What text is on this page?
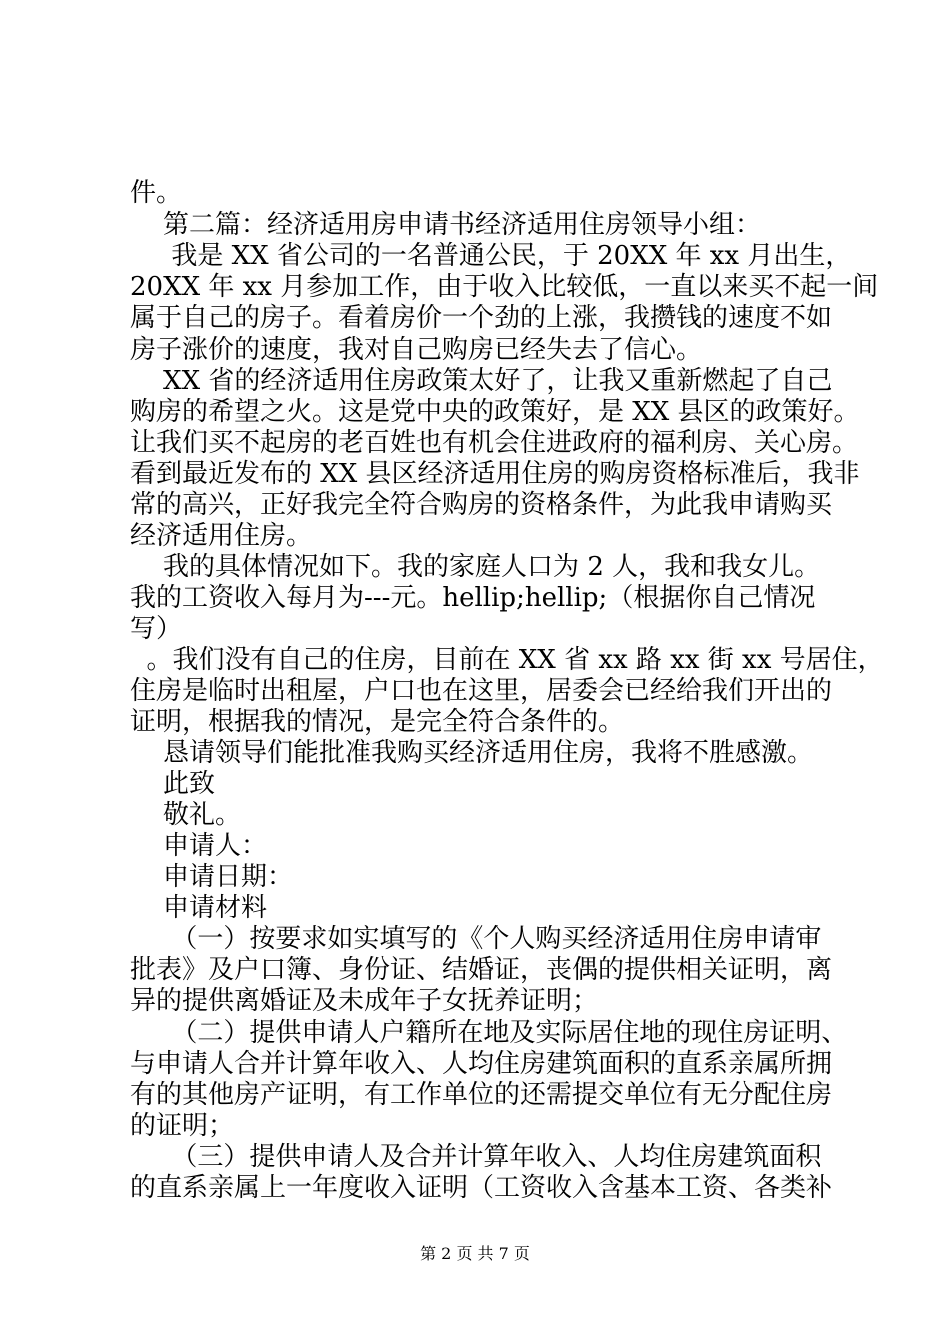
件。
第二篇：经济适用房申请书经济适用住房领导小组：
我是 XX 省公司的一名普通公民，于 20XX 年 xx 月出生，
20XX 年 xx 月参加工作，由于收入比较低，一直以来买不起一间
属于自己的房子。看着房价一个劲的上涨，我攒钱的速度不如
房子涨价的速度，我对自己购房已经失去了信心。
XX 省的经济适用住房政策太好了，让我又重新燃起了自己
购房的希望之火。这是党中央的政策好，是 XX 县区的政策好。
让我们买不起房的老百姓也有机会住进政府的福利房、关心房。
看到最近发布的 XX 县区经济适用住房的购房资格标准后，我非
常的高兴，正好我完全符合购房的资格条件，为此我申请购买
经济适用住房。
我的具体情况如下。我的家庭人口为 2 人，我和我女儿。
我的工资收入每月为---元。hellip;hellip;（根据你自己情况
写）
。我们没有自己的住房，目前在 XX 省 xx 路 xx 街 xx 号居住，
住房是临时出租屋，户口也在这里，居委会已经给我们开出的
证明，根据我的情况，是完全符合条件的。
恳请领导们能批准我购买经济适用住房，我将不胜感激。
此致
敬礼。
申请人：
申请日期：
申请材料
（一）按要求如实填写的《个人购买经济适用住房申请审
批表》及户口簿、身份证、结婚证，丧偶的提供相关证明，离
异的提供离婚证及未成年子女抚养证明；
（二）提供申请人户籍所在地及实际居住地的现住房证明、
与申请人合并计算年收入、人均住房建筑面积的直系亲属所拥
有的其他房产证明，有工作单位的还需提交单位有无分配住房
的证明；
（三）提供申请人及合并计算年收入、人均住房建筑面积
的直系亲属上一年度收入证明（工资收入含基本工资、各类补
第 2 页 共 7 页
